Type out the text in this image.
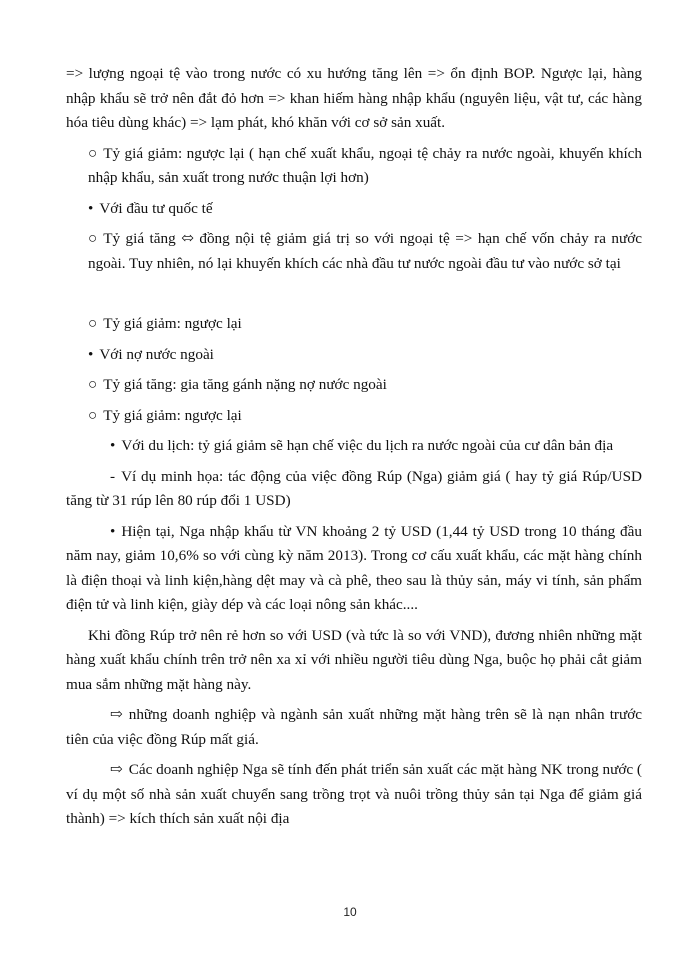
=> lượng ngoại tệ vào trong nước có xu hướng tăng lên => ổn định BOP. Ngược lại, hàng nhập khẩu sẽ trở nên đắt đỏ hơn => khan hiếm hàng nhập khẩu (nguyên liệu, vật tư, các hàng hóa tiêu dùng khác) => lạm phát, khó khăn với cơ sở sản xuất.

○ Tỷ giá giảm: ngược lại ( hạn chế xuất khẩu, ngoại tệ chảy ra nước ngoài, khuyến khích nhập khẩu, sản xuất trong nước thuận lợi hơn)

• Với đầu tư quốc tế

○ Tỷ giá tăng ⬄ đồng nội tệ giảm giá trị so với ngoại tệ => hạn chế vốn chảy ra nước ngoài. Tuy nhiên, nó lại khuyến khích các nhà đầu tư nước ngoài đầu tư vào nước sở tại

○ Tỷ giá giảm: ngược lại

• Với nợ nước ngoài

○ Tỷ giá tăng: gia tăng gánh nặng nợ nước ngoài

○ Tỷ giá giảm: ngược lại

• Với du lịch: tỷ giá giảm sẽ hạn chế việc du lịch ra nước ngoài của cư dân bản địa

- Ví dụ minh họa: tác động của việc đồng Rúp (Nga) giảm giá ( hay tỷ giá Rúp/USD tăng từ 31 rúp lên 80 rúp đổi 1 USD)

• Hiện tại, Nga nhập khẩu từ VN khoảng 2 tỷ USD (1,44 tỷ USD trong 10 tháng đầu năm nay, giảm 10,6% so với cùng kỳ năm 2013). Trong cơ cấu xuất khẩu, các mặt hàng chính là điện thoại và linh kiện,hàng dệt may và cà phê, theo sau là thủy sản, máy vi tính, sản phẩm điện tử và linh kiện, giày dép và các loại nông sản khác....

Khi đồng Rúp trở nên rẻ hơn so với USD (và tức là so với VND), đương nhiên những mặt hàng xuất khẩu chính trên trở nên xa xỉ với nhiều người tiêu dùng Nga, buộc họ phải cắt giảm mua sắm những mặt hàng này.

⇨ những doanh nghiệp và ngành sản xuất những mặt hàng trên sẽ là nạn nhân trước tiên của việc đồng Rúp mất giá.

⇨ Các doanh nghiệp Nga sẽ tính đến phát triển sản xuất các mặt hàng NK trong nước ( ví dụ một số nhà sản xuất chuyển sang trồng trọt và nuôi trồng thủy sản tại Nga để giảm giá thành) => kích thích sản xuất nội địa

10
